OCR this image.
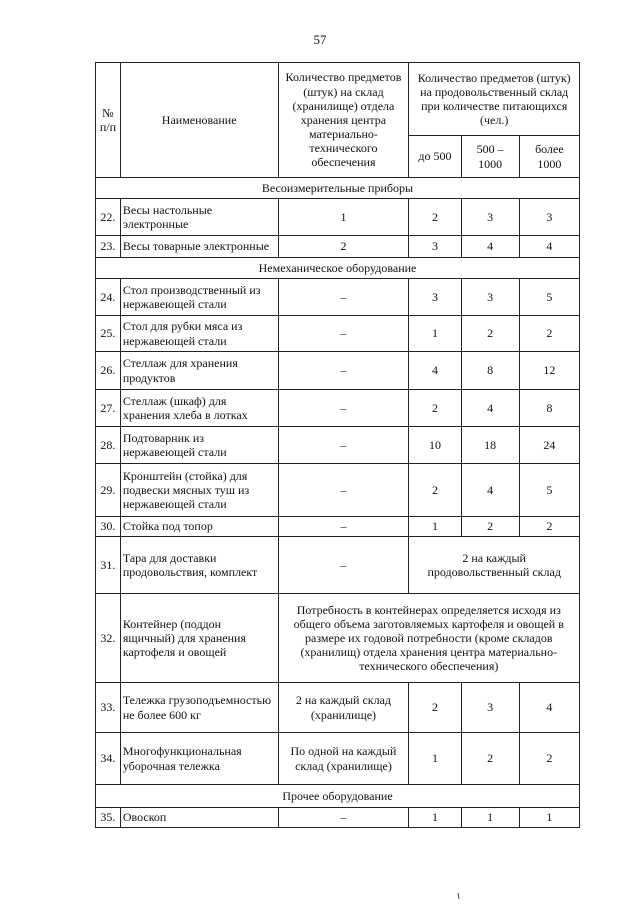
57
№ п/п	Наименование	Количество предметов (штук) на склад (хранилище) отдела хранения центра материально-технического обеспечения	Количество предметов (штук) на продовольственный склад при количестве питающихся (чел.)		
			до 500	500 – 1000	более 1000
Весоизмерительные приборы					
22.	Весы настольные электронные	1	2	3	3
23.	Весы товарные электронные	2	3	4	4
Немеханическое оборудование					
24.	Стол производственный из нержавеющей стали	–	3	3	5
25.	Стол для рубки мяса из нержавеющей стали	–	1	2	2
26.	Стеллаж для хранения продуктов	–	4	8	12
27.	Стеллаж (шкаф) для хранения хлеба в лотках	–	2	4	8
28.	Подтоварник из нержавеющей стали	–	10	18	24
29.	Кронштейн (стойка) для подвески мясных туш из нержавеющей стали	–	2	4	5
30.	Стойка под топор	–	1	2	2
31.	Тара для доставки продовольствия, комплект	–	2 на каждый продовольственный склад		
32.	Контейнер (поддон ящичный) для хранения картофеля и овощей	Потребность в контейнерах определяется исходя из общего объема заготовляемых картофеля и овощей в размере их годовой потребности (кроме складов (хранилищ) отдела хранения центра материально-технического обеспечения)			
33.	Тележка грузоподъемностью не более 600 кг	2 на каждый склад (хранилище)	2	3	4
34.	Многофункциональная уборочная тележка	По одной на каждый склад (хранилище)	1	2	2
Прочее оборудование					
35.	Овоскоп	–	1	1	1
